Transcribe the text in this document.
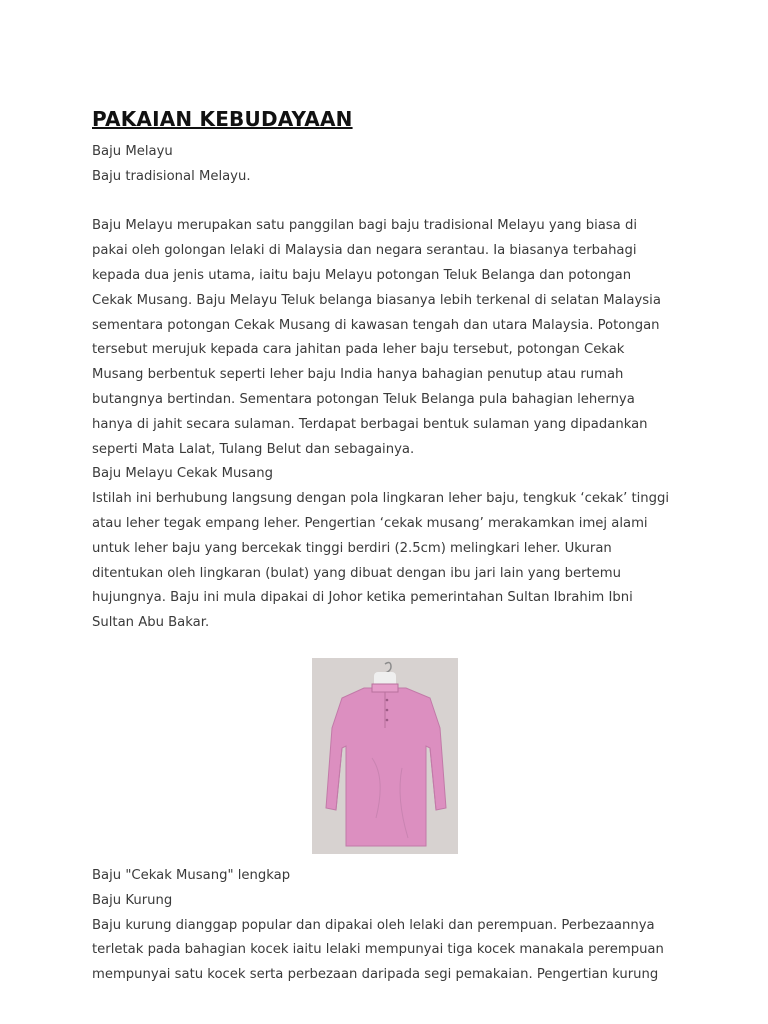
PAKAIAN KEBUDAYAAN

Baju Melayu

Baju tradisional Melayu.

Baju Melayu merupakan satu panggilan bagi baju tradisional Melayu yang biasa di pakai oleh golongan lelaki di Malaysia dan negara serantau. Ia biasanya terbahagi kepada dua jenis utama, iaitu baju Melayu potongan Teluk Belanga dan potongan Cekak Musang. Baju Melayu Teluk belanga biasanya lebih terkenal di selatan Malaysia sementara potongan Cekak Musang di kawasan tengah dan utara Malaysia. Potongan tersebut merujuk kepada cara jahitan pada leher baju tersebut, potongan Cekak Musang berbentuk seperti leher baju India hanya bahagian penutup atau rumah butangnya bertindan. Sementara potongan Teluk Belanga pula bahagian lehernya hanya di jahit secara sulaman. Terdapat berbagai bentuk sulaman yang dipadankan seperti Mata Lalat, Tulang Belut dan sebagainya.

Baju Melayu Cekak Musang

Istilah ini berhubung langsung dengan pola lingkaran leher baju, tengkuk ‘cekak’ tinggi atau leher tegak empang leher. Pengertian ‘cekak musang’ merakamkan imej alami untuk leher baju yang bercekak tinggi berdiri (2.5cm) melingkari leher. Ukuran ditentukan oleh lingkaran (bulat) yang dibuat dengan ibu jari lain yang bertemu hujungnya. Baju ini mula dipakai di Johor ketika pemerintahan Sultan Ibrahim Ibni Sultan Abu Bakar.

Baju "Cekak Musang" lengkap

Baju Kurung

Baju kurung dianggap popular dan dipakai oleh lelaki dan perempuan. Perbezaannya terletak pada bahagian kocek iaitu lelaki mempunyai tiga kocek manakala perempuan mempunyai satu kocek serta perbezaan daripada segi pemakaian. Pengertian kurung
